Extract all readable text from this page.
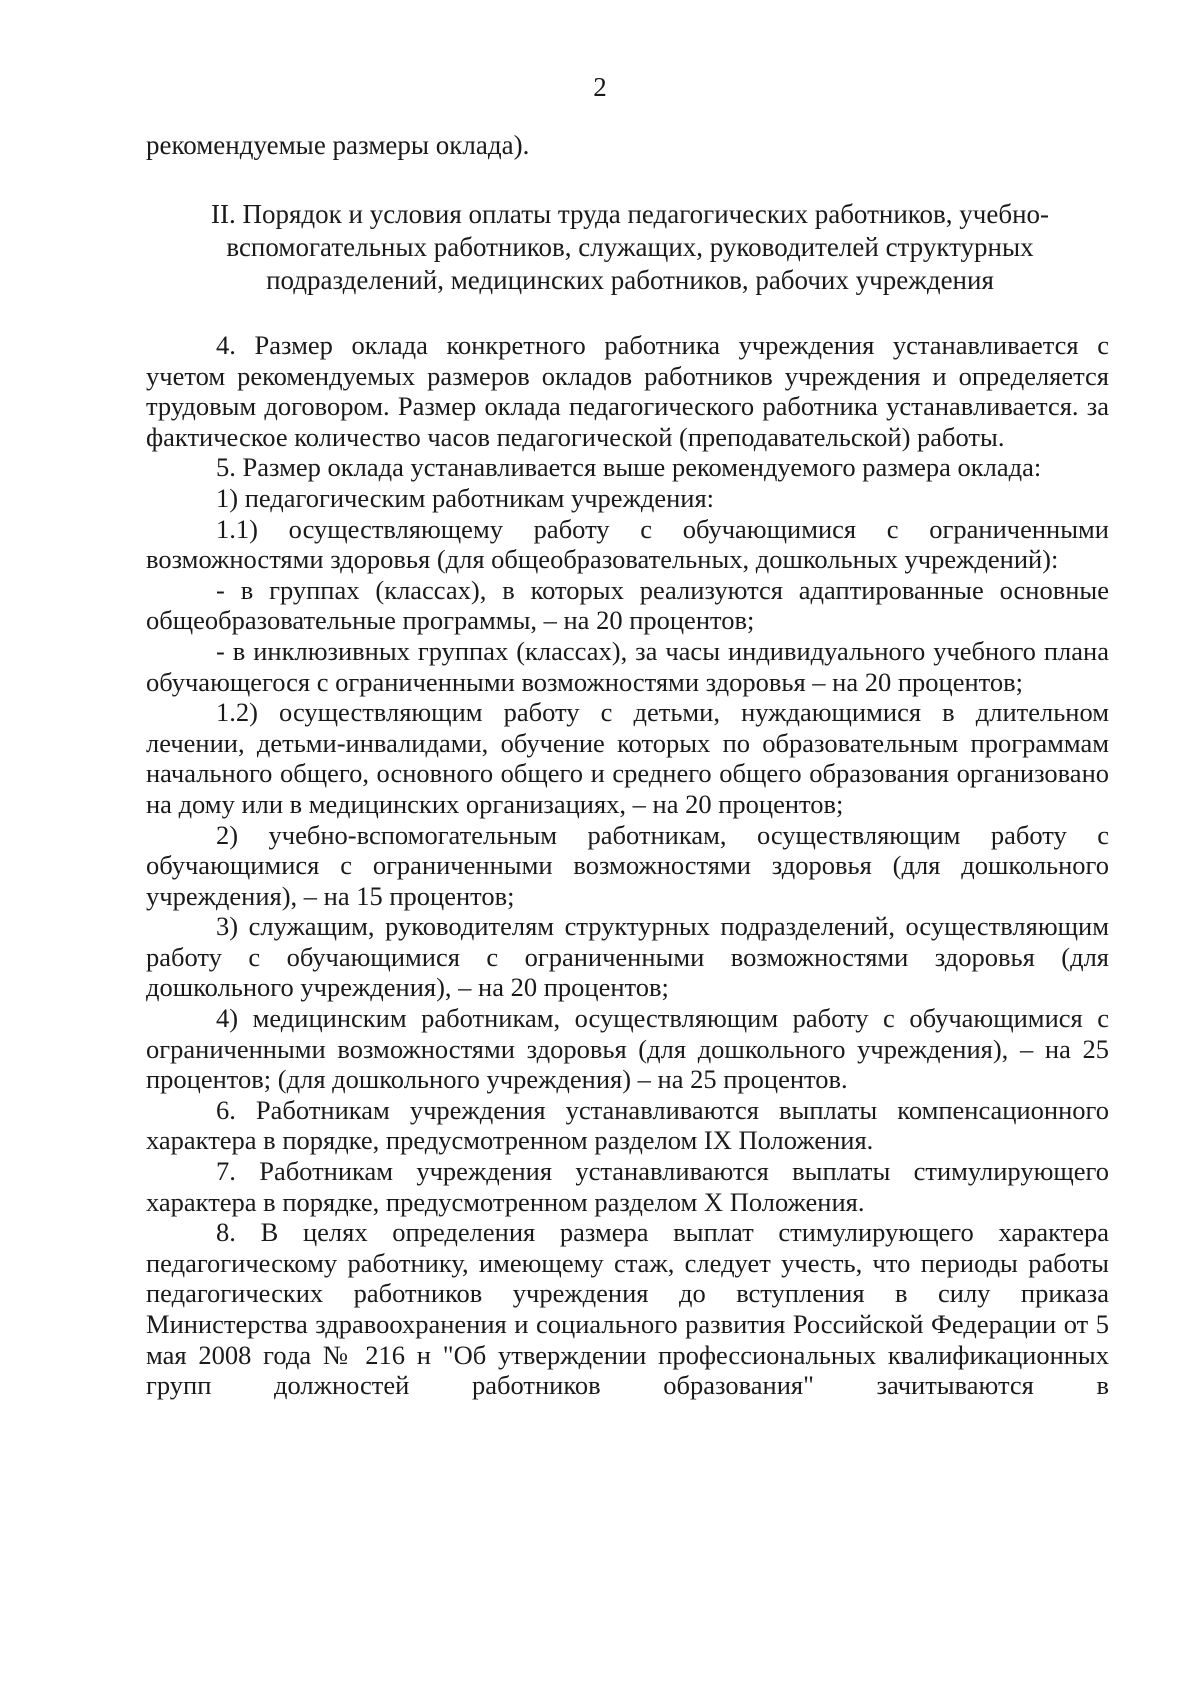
2
рекомендуемые размеры оклада).
II. Порядок и условия оплаты труда педагогических работников, учебно-
вспомогательных работников, служащих, руководителей структурных
подразделений, медицинских работников, рабочих учреждения

4. Размер оклада конкретного работника учреждения устанавливается с учетом рекомендуемых размеров окладов работников учреждения и определяется трудовым договором. Размер оклада педагогического работника устанавливается. за фактическое количество часов педагогической (преподавательской) работы.

5. Размер оклада устанавливается выше рекомендуемого размера оклада:

1) педагогическим работникам учреждения:

1.1) осуществляющему работу с обучающимися с ограниченными возможностями здоровья (для общеобразовательных, дошкольных учреждений):

- в группах (классах), в которых реализуются адаптированные основные общеобразовательные программы, – на 20 процентов;

- в инклюзивных группах (классах), за часы индивидуального учебного плана обучающегося с ограниченными возможностями здоровья – на 20 процентов;

1.2) осуществляющим работу с детьми, нуждающимися в длительном лечении, детьми-инвалидами, обучение которых по образовательным программам начального общего, основного общего и среднего общего образования организовано на дому или в медицинских организациях, – на 20 процентов;

2) учебно-вспомогательным работникам, осуществляющим работу с обучающимися с ограниченными возможностями здоровья (для дошкольного учреждения), – на 15 процентов;

3) служащим, руководителям структурных подразделений, осуществляющим работу с обучающимися с ограниченными возможностями здоровья (для дошкольного учреждения), – на 20 процентов;

4) медицинским работникам, осуществляющим работу с обучающимися с ограниченными возможностями здоровья (для дошкольного учреждения), – на 25 процентов; (для дошкольного учреждения) – на 25 процентов.

6. Работникам учреждения устанавливаются выплаты компенсационного характера в порядке, предусмотренном разделом IX Положения.

7. Работникам учреждения устанавливаются выплаты стимулирующего характера в порядке, предусмотренном разделом X Положения.

8. В целях определения размера выплат стимулирующего характера педагогическому работнику, имеющему стаж, следует учесть, что периоды работы педагогических работников учреждения до вступления в силу приказа Министерства здравоохранения и социального развития Российской Федерации от 5 мая 2008 года № 216 н "Об утверждении профессиональных квалификационных групп должностей работников образования" зачитываются в
